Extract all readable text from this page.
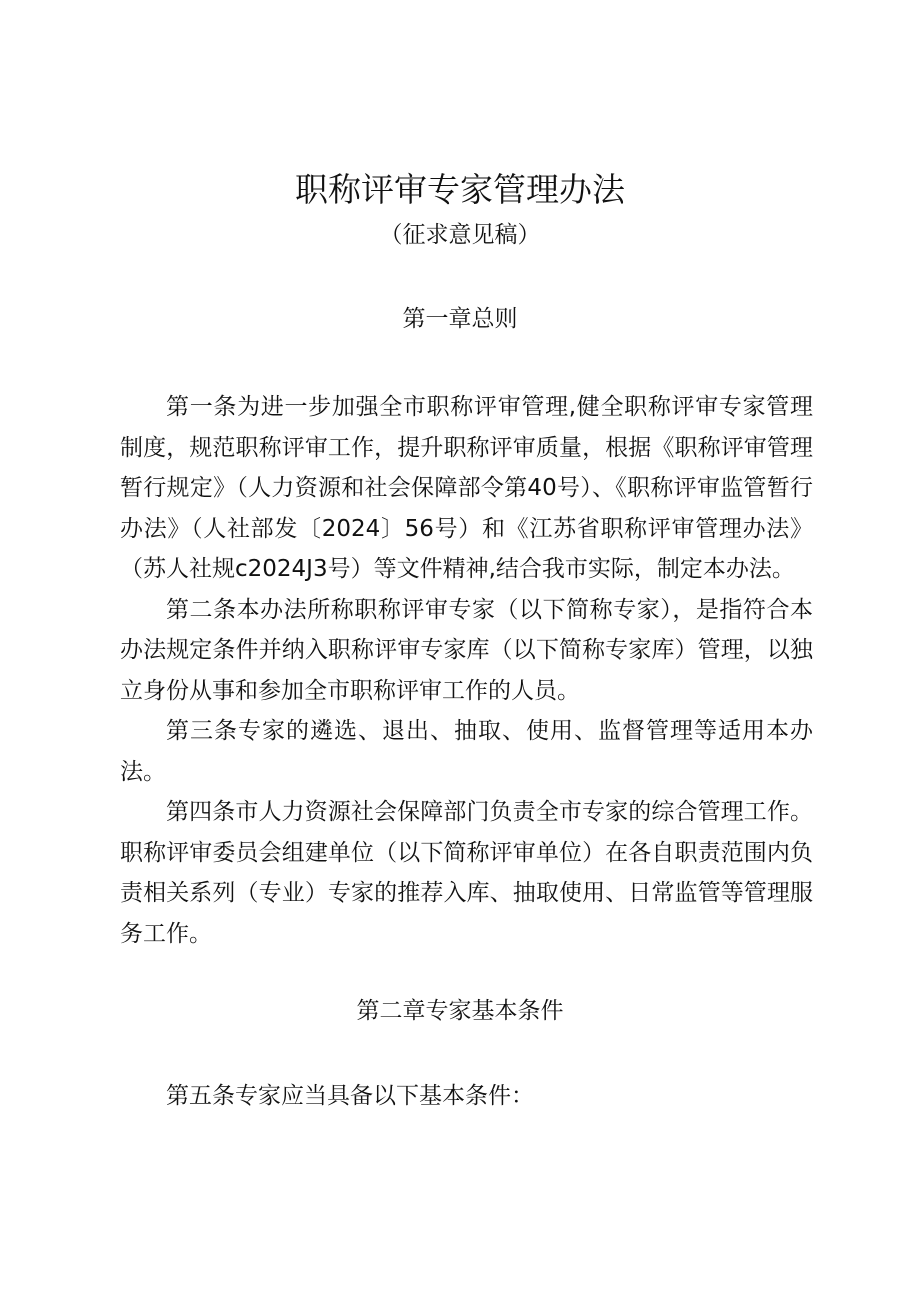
职称评审专家管理办法
（征求意见稿）
第一章总则

第一条为进一步加强全市职称评审管理,健全职称评审专家管理制度，规范职称评审工作，提升职称评审质量，根据《职称评审管理暂行规定》（人力资源和社会保障部令第40号）、《职称评审监管暂行办法》（人社部发〔2024〕56号）和《江苏省职称评审管理办法》（苏人社规c2024J3号）等文件精神,结合我市实际，制定本办法。

第二条本办法所称职称评审专家（以下简称专家），是指符合本办法规定条件并纳入职称评审专家库（以下简称专家库）管理，以独立身份从事和参加全市职称评审工作的人员。

第三条专家的遴选、退出、抽取、使用、监督管理等适用本办法。

第四条市人力资源社会保障部门负责全市专家的综合管理工作。职称评审委员会组建单位（以下简称评审单位）在各自职责范围内负责相关系列（专业）专家的推荐入库、抽取使用、日常监管等管理服务工作。

第二章专家基本条件

第五条专家应当具备以下基本条件：
